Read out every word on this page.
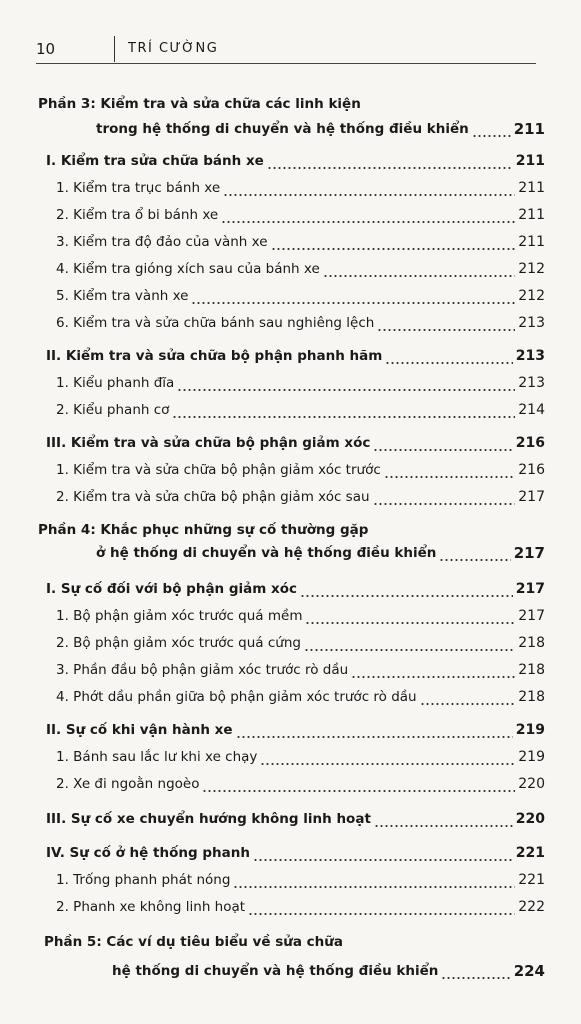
10	TRÍ CƯỜNG
Phần 3: Kiểm tra và sửa chữa các linh kiện
trong hệ thống di chuyển và hệ thống điều khiển	211
I. Kiểm tra sửa chữa bánh xe	211
1. Kiểm tra trục bánh xe	211
2. Kiểm tra ổ bi bánh xe	211
3. Kiểm tra độ đảo của vành xe	211
4. Kiểm tra gióng xích sau của bánh xe	212
5. Kiểm tra vành xe	212
6. Kiểm tra và sửa chữa bánh sau nghiêng lệch	213
II. Kiểm tra và sửa chữa bộ phận phanh hãm	213
1. Kiểu phanh đĩa	213
2. Kiểu phanh cơ	214
III. Kiểm tra và sửa chữa bộ phận giảm xóc	216
1. Kiểm tra và sửa chữa bộ phận giảm xóc trước	216
2. Kiểm tra và sửa chữa bộ phận giảm xóc sau	217
Phần 4: Khắc phục những sự cố thường gặp
ở hệ thống di chuyển và hệ thống điều khiển	217
I. Sự cố đối với bộ phận giảm xóc	217
1. Bộ phận giảm xóc trước quá mềm	217
2. Bộ phận giảm xóc trước quá cứng	218
3. Phần đầu bộ phận giảm xóc trước rò dầu	218
4. Phớt dầu phần giữa bộ phận giảm xóc trước rò dầu	218
II. Sự cố khi vận hành xe	219
1. Bánh sau lắc lư khi xe chạy	219
2. Xe đi ngoằn ngoèo	220
III. Sự cố xe chuyển hướng không linh hoạt	220
IV. Sự cố ở hệ thống phanh	221
1. Trống phanh phát nóng	221
2. Phanh xe không linh hoạt	222
Phần 5: Các ví dụ tiêu biểu về sửa chữa
hệ thống di chuyển và hệ thống điều khiển	224
